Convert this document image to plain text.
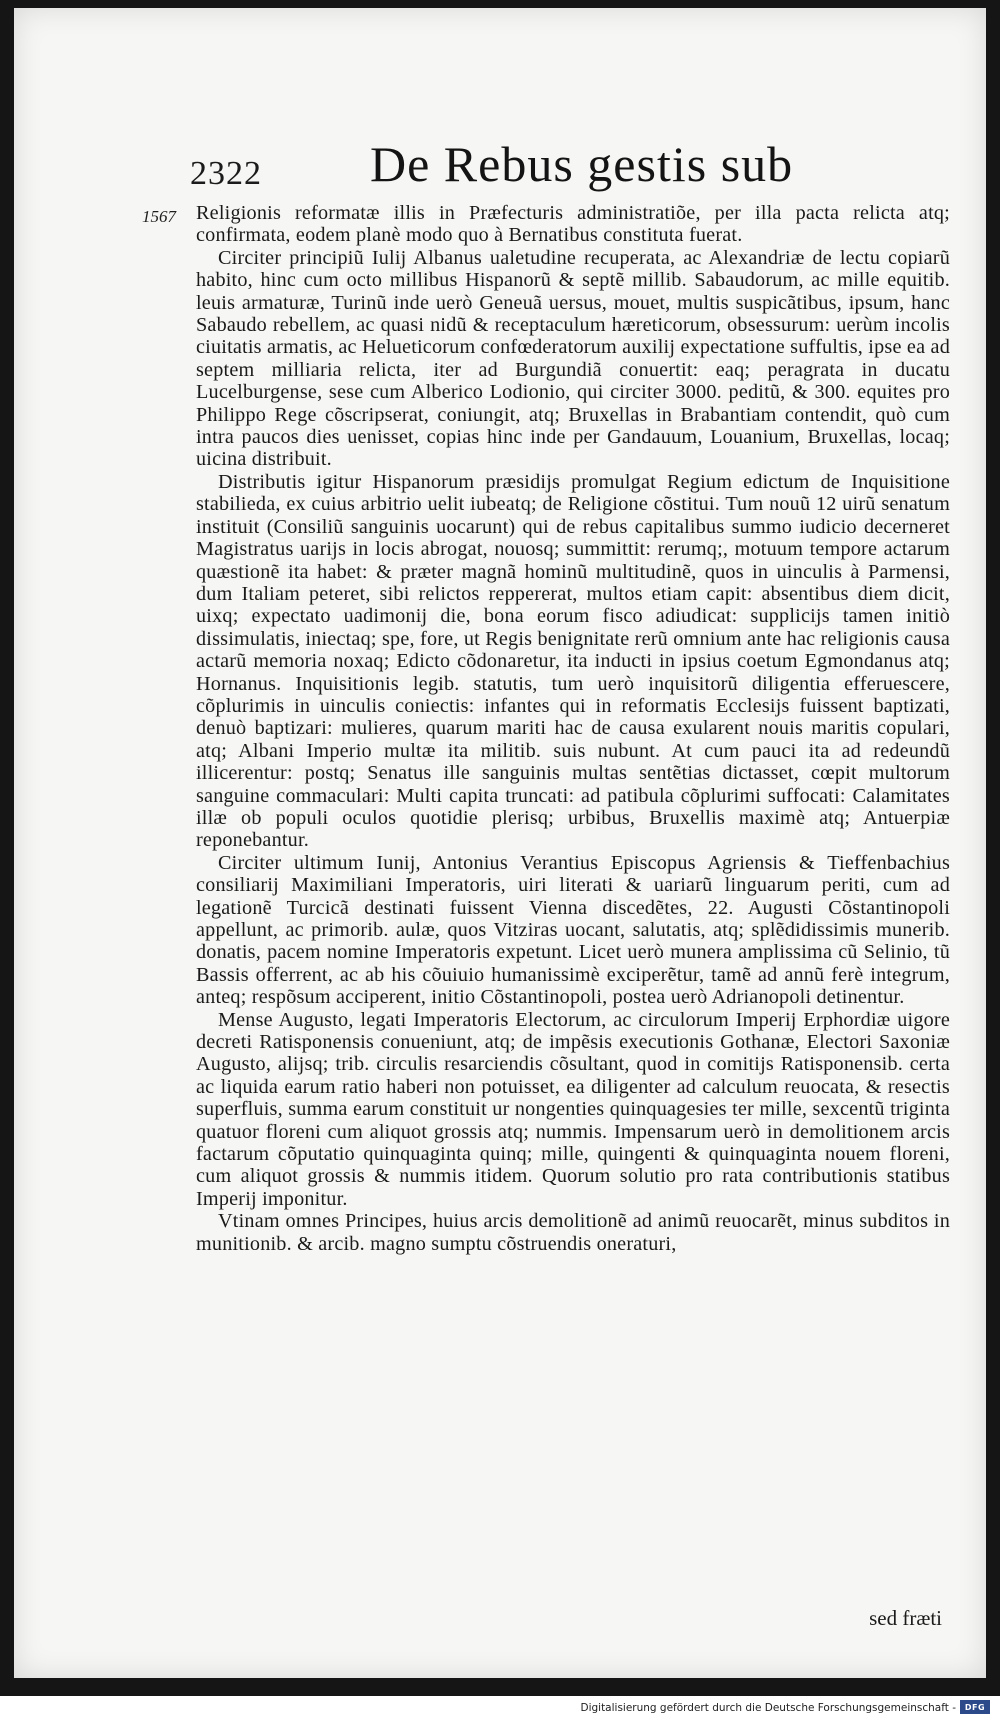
2322 De Rebus gestis sub
1567 Religionis reformatæ illis in Præfecturis administratiõe, per illa pacta relicta atq; confirmata, eodem planè modo quo à Bernatibus constituta fuerat.

Circiter principiũ Iulij Albanus ualetudine recuperata, ac Alexandriæ de lectu copiarũ habito, hinc cum octo millibus Hispanorũ & septẽ millib. Sabaudorum, ac mille equitib. leuis armaturæ, Turinũ inde uerò Geneuã uersus, mouet, multis suspicãtibus, ipsum, hanc Sabaudo rebellem, ac quasi nidũ & receptaculum hæreticorum, obsessurum: uerùm incolis ciuitatis armatis, ac Helueticorum confœderatorum auxilij expectatione suffultis, ipse ea ad septem milliaria relicta, iter ad Burgundiã conuertit: eaq; peragrata in ducatu Lucelburgense, sese cum Alberico Lodionio, qui circiter 3000. peditũ, & 300. equites pro Philippo Rege cõscripserat, coniungit, atq; Bruxellas in Brabantiam contendit, quò cum intra paucos dies uenisset, copias hinc inde per Gandauum, Louanium, Bruxellas, locaq; uicina distribuit.

Distributis igitur Hispanorum præsidijs promulgat Regium edictum de Inquisitione stabilieda, ex cuius arbitrio uelit iubeatq; de Religione cõstitui. Tum nouũ 12 uirũ senatum instituit (Consiliũ sanguinis uocarunt) qui de rebus capitalibus summo iudicio decerneret Magistratus uarijs in locis abrogat, nouosq; summittit: rerumq;, motuum tempore actarum quæstionẽ ita habet: & præter magnã hominũ multitudinẽ, quos in uinculis à Parmensi, dum Italiam peteret, sibi relictos reppererat, multos etiam capit: absentibus diem dicit, uixq; expectato uadimonij die, bona eorum fisco adiudicat: supplicijs tamen initiò dissimulatis, iniectaq; spe, fore, ut Regis benignitate rerũ omnium ante hac religionis causa actarũ memoria noxaq; Edicto cõdonaretur, ita inducti in ipsius coetum Egmondanus atq; Hornanus. Inquisitionis legib. statutis, tum uerò inquisitorũ diligentia efferuescere, cõplurimis in uinculis coniectis: infantes qui in reformatis Ecclesijs fuissent baptizati, denuò baptizari: mulieres, quarum mariti hac de causa exularent nouis maritis copulari, atq; Albani Imperio multæ ita militib. suis nubunt. At cum pauci ita ad redeundũ illicerentur: postq; Senatus ille sanguinis multas sentẽtias dictasset, cœpit multorum sanguine commaculari: Multi capita truncati: ad patibula cõplurimi suffocati: Calamitates illæ ob populi oculos quotidie plerisq; urbibus, Bruxellis maximè atq; Antuerpiæ reponebantur.

Circiter ultimum Iunij, Antonius Verantius Episcopus Agriensis & Tieffenbachius consiliarij Maximiliani Imperatoris, uiri literati & uariarũ linguarum periti, cum ad legationẽ Turcicã destinati fuissent Vienna discedẽtes, 22. Augusti Cõstantinopoli appellunt, ac primorib. aulæ, quos Vitziras uocant, salutatis, atq; splẽdidissimis munerib. donatis, pacem nomine Imperatoris expetunt. Licet uerò munera amplissima cũ Selinio, tũ Bassis offerrent, ac ab his cõuiuio humanissimè exciperẽtur, tamẽ ad annũ ferè integrum, anteq; respõsum acciperent, initio Cõstantinopoli, postea uerò Adrianopoli detinentur.

Mense Augusto, legati Imperatoris Electorum, ac circulorum Imperij Erphordiæ uigore decreti Ratisponensis conueniunt, atq; de impẽsis executionis Gothanæ, Electori Saxoniæ Augusto, alijsq; trib. circulis resarciendis cõsultant, quod in comitijs Ratisponensib. certa ac liquida earum ratio haberi non potuisset, ea diligenter ad calculum reuocata, & resectis superfluis, summa earum constituit ur nongenties quinquagesies ter mille, sexcentũ triginta quatuor floreni cum aliquot grossis atq; nummis. Impensarum uerò in demolitionem arcis factarum cõputatio quinquaginta quinq; mille, quingenti & quinquaginta nouem floreni, cum aliquot grossis & nummis itidem. Quorum solutio pro rata contributionis statibus Imperij imponitur.

Vtinam omnes Principes, huius arcis demolitionẽ ad animũ reuocarẽt, minus subditos in munitionib. & arcib. magno sumptu cõstruendis oneraturi,

sed fræti
Digitalisierung gefördert durch die Deutsche Forschungsgemeinschaft -	DFG
